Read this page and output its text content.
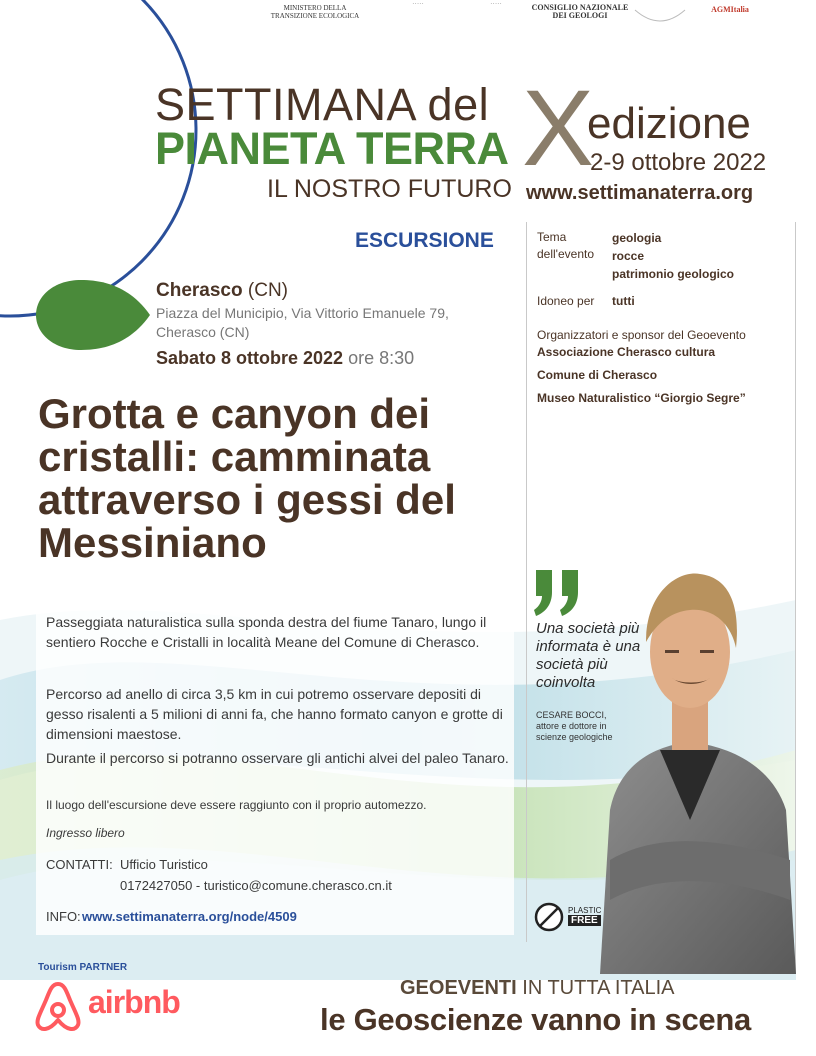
MINISTERO DELLA TRANSIZIONE ECOLOGICA
·····	·····	CONSIGLIO NAZIONALE DEI GEOLOGI
AGMItalia
SETTIMANA del
PIANETA TERRA
IL NOSTRO FUTURO
X
edizione
2-9 ottobre 2022
www.settimanaterra.org
Tema dell'evento
geologia
rocce
patrimonio geologico
Idoneo per tutti
Organizzatori e sponsor del Geoevento
Associazione Cherasco cultura
Comune di Cherasco
Museo Naturalistico “Giorgio Segre”
ESCURSIONE
Cherasco (CN)
Piazza del Municipio, Via Vittorio Emanuele 79, Cherasco (CN)
Sabato 8 ottobre 2022 ore 8:30
Grotta e canyon dei cristalli: camminata attraverso i gessi del Messiniano
Passeggiata naturalistica sulla sponda destra del fiume Tanaro, lungo il sentiero Rocche e Cristalli in località Meane del Comune di Cherasco.
Percorso ad anello di circa 3,5 km in cui potremo osservare depositi di gesso risalenti a 5 milioni di anni fa, che hanno formato canyon e grotte di dimensioni maestose.
Durante il percorso si potranno osservare gli antichi alvei del paleo Tanaro.
Il luogo dell'escursione deve essere raggiunto con il proprio automezzo.
Ingresso libero
CONTATTI: Ufficio Turistico
0172427050 - turistico@comune.cherasco.cn.it
INFO: www.settimanaterra.org/node/4509
Una società più informata è una società più coinvolta
CESARE BOCCI, attore e dottore in scienze geologiche
PLASTIC
FREE
Tourism PARTNER
airbnb	GEOEVENTI IN TUTTA ITALIA
le Geoscienze vanno in scena
